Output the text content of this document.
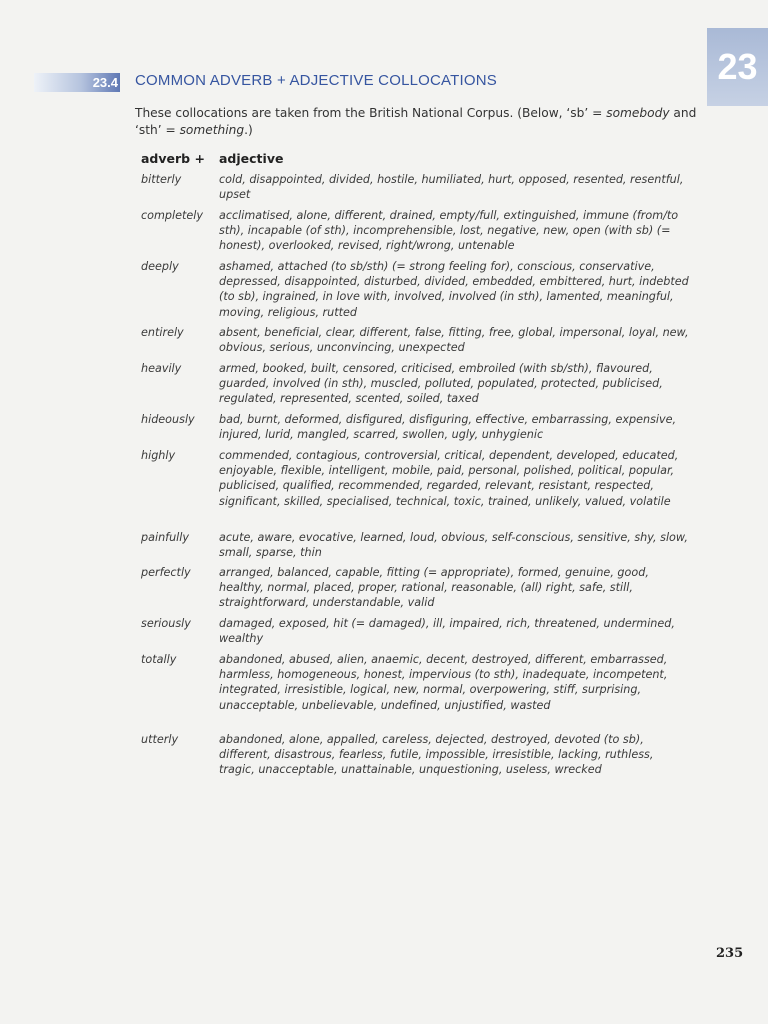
23
23.4 COMMON ADVERB + ADJECTIVE COLLOCATIONS
These collocations are taken from the British National Corpus. (Below, ‘sb’ = somebody and ‘sth’ = something.)
adverb + adjective
bitterly	cold, disappointed, divided, hostile, humiliated, hurt, opposed, resented, resentful, upset
completely	acclimatised, alone, different, drained, empty/full, extinguished, immune (from/to sth), incapable (of sth), incomprehensible, lost, negative, new, open (with sb) (= honest), overlooked, revised, right/wrong, untenable
deeply	ashamed, attached (to sb/sth) (= strong feeling for), conscious, conservative, depressed, disappointed, disturbed, divided, embedded, embittered, hurt, indebted (to sb), ingrained, in love with, involved, involved (in sth), lamented, meaningful, moving, religious, rutted
entirely	absent, beneficial, clear, different, false, fitting, free, global, impersonal, loyal, new, obvious, serious, unconvincing, unexpected
heavily	armed, booked, built, censored, criticised, embroiled (with sb/sth), flavoured, guarded, involved (in sth), muscled, polluted, populated, protected, publicised, regulated, represented, scented, soiled, taxed
hideously	bad, burnt, deformed, disfigured, disfiguring, effective, embarrassing, expensive, injured, lurid, mangled, scarred, swollen, ugly, unhygienic
highly	commended, contagious, controversial, critical, dependent, developed, educated, enjoyable, flexible, intelligent, mobile, paid, personal, polished, political, popular, publicised, qualified, recommended, regarded, relevant, resistant, respected, significant, skilled, specialised, technical, toxic, trained, unlikely, valued, volatile
painfully	acute, aware, evocative, learned, loud, obvious, self-conscious, sensitive, shy, slow, small, sparse, thin
perfectly	arranged, balanced, capable, fitting (= appropriate), formed, genuine, good, healthy, normal, placed, proper, rational, reasonable, (all) right, safe, still, straightforward, understandable, valid
seriously	damaged, exposed, hit (= damaged), ill, impaired, rich, threatened, undermined, wealthy
totally	abandoned, abused, alien, anaemic, decent, destroyed, different, embarrassed, harmless, homogeneous, honest, impervious (to sth), inadequate, incompetent, integrated, irresistible, logical, new, normal, overpowering, stiff, surprising, unacceptable, unbelievable, undefined, unjustified, wasted
utterly	abandoned, alone, appalled, careless, dejected, destroyed, devoted (to sb), different, disastrous, fearless, futile, impossible, irresistible, lacking, ruthless, tragic, unacceptable, unattainable, unquestioning, useless, wrecked
235
